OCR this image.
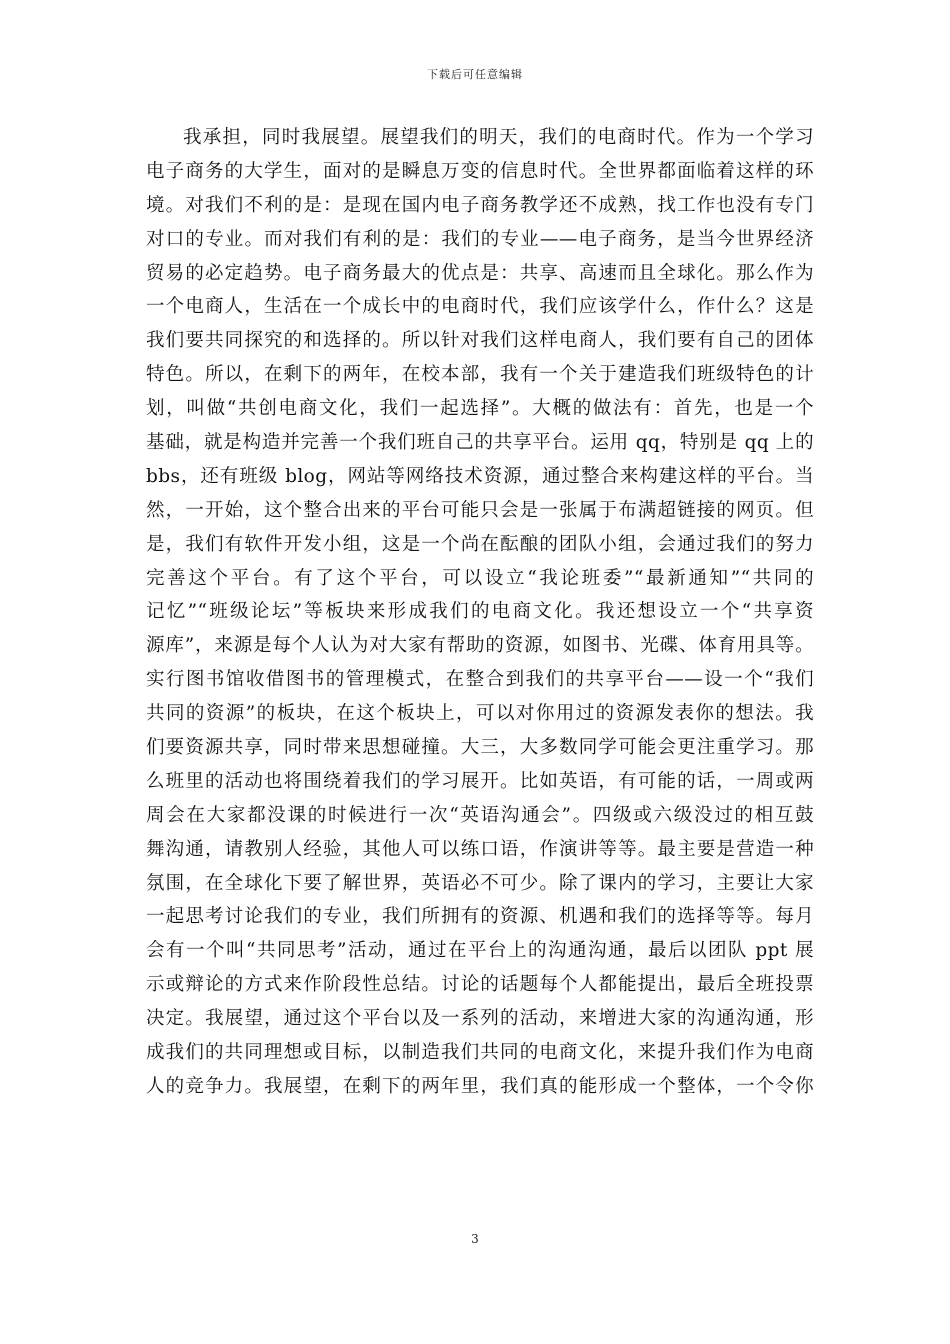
下载后可任意编辑
我承担，同时我展望。展望我们的明天，我们的电商时代。作为一个学习
电子商务的大学生，面对的是瞬息万变的信息时代。全世界都面临着这样的环
境。对我们不利的是：是现在国内电子商务教学还不成熟，找工作也没有专门
对口的专业。而对我们有利的是：我们的专业——电子商务，是当今世界经济
贸易的必定趋势。电子商务最大的优点是：共享、高速而且全球化。那么作为
一个电商人，生活在一个成长中的电商时代，我们应该学什么，作什么？这是
我们要共同探究的和选择的。所以针对我们这样电商人，我们要有自己的团体
特色。所以，在剩下的两年，在校本部，我有一个关于建造我们班级特色的计
划，叫做“共创电商文化，我们一起选择”。大概的做法有：首先，也是一个
基础，就是构造并完善一个我们班自己的共享平台。运用 qq，特别是 qq 上的
bbs，还有班级 blog，网站等网络技术资源，通过整合来构建这样的平台。当
然，一开始，这个整合出来的平台可能只会是一张属于布满超链接的网页。但
是，我们有软件开发小组，这是一个尚在酝酿的团队小组，会通过我们的努力
完善这个平台。有了这个平台，可以设立“我论班委”“最新通知”“共同的
记忆”“班级论坛”等板块来形成我们的电商文化。我还想设立一个“共享资
源库”，来源是每个人认为对大家有帮助的资源，如图书、光碟、体育用具等。
实行图书馆收借图书的管理模式，在整合到我们的共享平台——设一个“我们
共同的资源”的板块，在这个板块上，可以对你用过的资源发表你的想法。我
们要资源共享，同时带来思想碰撞。大三，大多数同学可能会更注重学习。那
么班里的活动也将围绕着我们的学习展开。比如英语，有可能的话，一周或两
周会在大家都没课的时候进行一次“英语沟通会”。四级或六级没过的相互鼓
舞沟通，请教别人经验，其他人可以练口语，作演讲等等。最主要是营造一种
氛围，在全球化下要了解世界，英语必不可少。除了课内的学习，主要让大家
一起思考讨论我们的专业，我们所拥有的资源、机遇和我们的选择等等。每月
会有一个叫“共同思考”活动，通过在平台上的沟通沟通，最后以团队 ppt 展
示或辩论的方式来作阶段性总结。讨论的话题每个人都能提出，最后全班投票
决定。我展望，通过这个平台以及一系列的活动，来增进大家的沟通沟通，形
成我们的共同理想或目标，以制造我们共同的电商文化，来提升我们作为电商
人的竞争力。我展望，在剩下的两年里，我们真的能形成一个整体，一个令你
3
